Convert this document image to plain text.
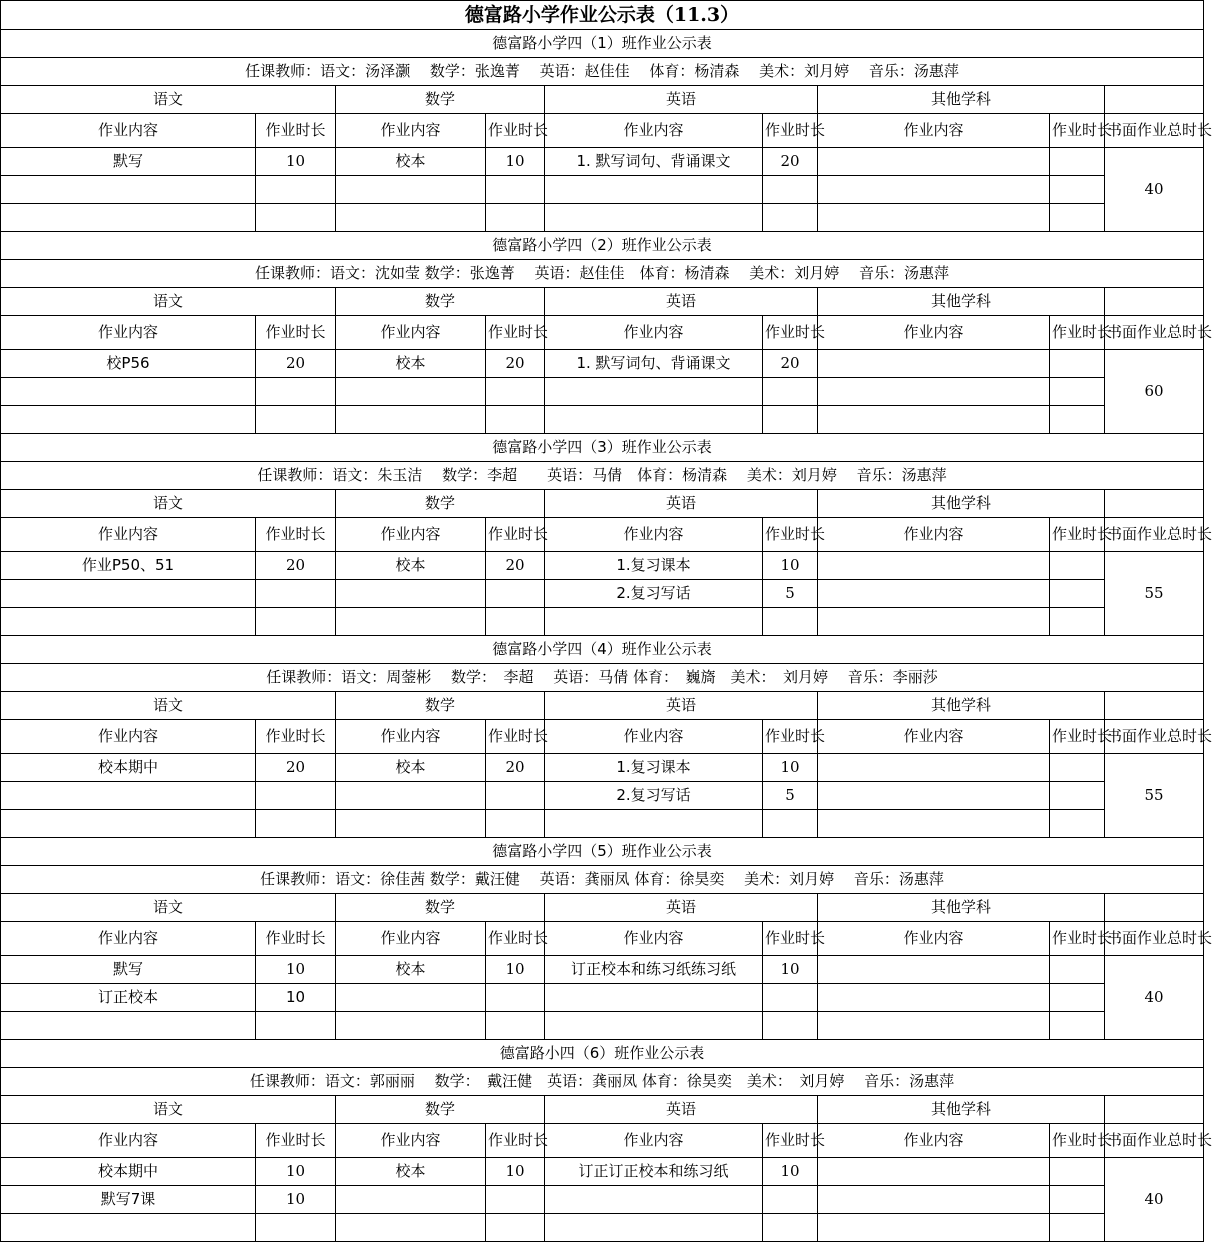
德富路小学作业公示表（11.3）								
德富路小学四（1）班作业公示表								
任课教师：语文：汤泽灏　 数学：张逸菁　 英语：赵佳佳　 体育：杨清森　 美术：刘月婷　 音乐：汤惠萍								
语文		数学		英语		其他学科		
作业内容	作业时长	作业内容	作业时长	作业内容	作业时长	作业内容	作业时长	书面作业总时长
默写	10	校本	10	1. 默写词句、背诵课文	20			40

德富路小学四（2）班作业公示表								
任课教师：语文：沈如莹 数学：张逸菁　 英语：赵佳佳　体育：杨清森　 美术：刘月婷　 音乐：汤惠萍								
语文		数学		英语		其他学科		
作业内容	作业时长	作业内容	作业时长	作业内容	作业时长	作业内容	作业时长	书面作业总时长
校P56	20	校本	20	1. 默写词句、背诵课文	20			60

德富路小学四（3）班作业公示表								
任课教师：语文：朱玉洁　 数学：李超　　英语：马倩　体育：杨清森　 美术：刘月婷　 音乐：汤惠萍								
语文		数学		英语		其他学科		
作业内容	作业时长	作业内容	作业时长	作业内容	作业时长	作业内容	作业时长	书面作业总时长
作业P50、51	20	校本	20	1.复习课本	10			55
				2.复习写话	5			

德富路小学四（4）班作业公示表								
任课教师：语文：周蓥彬　 数学：　李超　 英语：马倩 体育：　巍旖　美术：　刘月婷　 音乐：李丽莎								
语文		数学		英语		其他学科		
作业内容	作业时长	作业内容	作业时长	作业内容	作业时长	作业内容	作业时长	书面作业总时长
校本期中	20	校本	20	1.复习课本	10			55
				2.复习写话	5			

德富路小学四（5）班作业公示表								
任课教师：语文：徐佳茜 数学：戴汪健　 英语：龚丽凤 体育：徐昊奕　 美术：刘月婷　 音乐：汤惠萍								
语文		数学		英语		其他学科		
作业内容	作业时长	作业内容	作业时长	作业内容	作业时长	作业内容	作业时长	书面作业总时长
默写	10	校本	10	订正校本和练习纸练习纸	10			40
订正校本	10							

德富路小四（6）班作业公示表								
任课教师：语文：郭丽丽　 数学：　戴汪健　英语：龚丽凤 体育：徐昊奕　美术：　刘月婷　 音乐：汤惠萍								
语文		数学		英语		其他学科		
作业内容	作业时长	作业内容	作业时长	作业内容	作业时长	作业内容	作业时长	书面作业总时长
校本期中	10	校本	10	订正订正校本和练习纸	10			40
默写7课	10							
